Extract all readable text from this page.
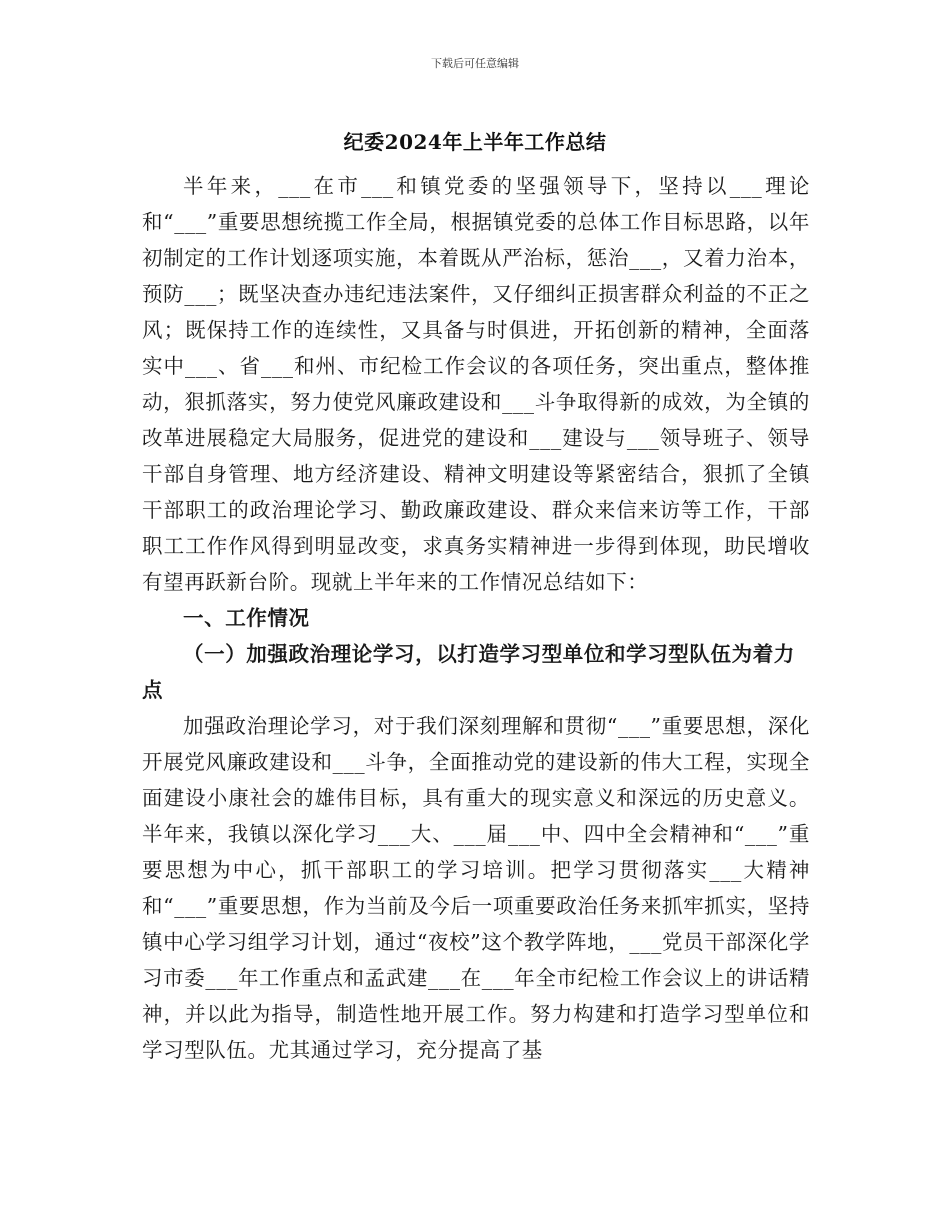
下载后可任意编辑
纪委2024年上半年工作总结

半年来，___在市___和镇党委的坚强领导下，坚持以___理论和“___”重要思想统揽工作全局，根据镇党委的总体工作目标思路，以年初制定的工作计划逐项实施，本着既从严治标，惩治___，又着力治本，预防___；既坚决查办违纪违法案件，又仔细纠正损害群众利益的不正之风；既保持工作的连续性，又具备与时俱进，开拓创新的精神，全面落实中___、省___和州、市纪检工作会议的各项任务，突出重点，整体推动，狠抓落实，努力使党风廉政建设和___斗争取得新的成效，为全镇的改革进展稳定大局服务，促进党的建设和___建设与___领导班子、领导干部自身管理、地方经济建设、精神文明建设等紧密结合，狠抓了全镇干部职工的政治理论学习、勤政廉政建设、群众来信来访等工作，干部职工工作作风得到明显改变，求真务实精神进一步得到体现，助民增收有望再跃新台阶。现就上半年来的工作情况总结如下：

一、工作情况
（一）加强政治理论学习，以打造学习型单位和学习型队伍为着力点

加强政治理论学习，对于我们深刻理解和贯彻“___”重要思想，深化开展党风廉政建设和___斗争，全面推动党的建设新的伟大工程，实现全面建设小康社会的雄伟目标，具有重大的现实意义和深远的历史意义。半年来，我镇以深化学习___大、___届___中、四中全会精神和“___”重要思想为中心，抓干部职工的学习培训。把学习贯彻落实___大精神和“___”重要思想，作为当前及今后一项重要政治任务来抓牢抓实，坚持镇中心学习组学习计划，通过“夜校”这个教学阵地，___党员干部深化学习市委___年工作重点和孟武建___在___年全市纪检工作会议上的讲话精神，并以此为指导，制造性地开展工作。努力构建和打造学习型单位和学习型队伍。尤其通过学习，充分提高了基
